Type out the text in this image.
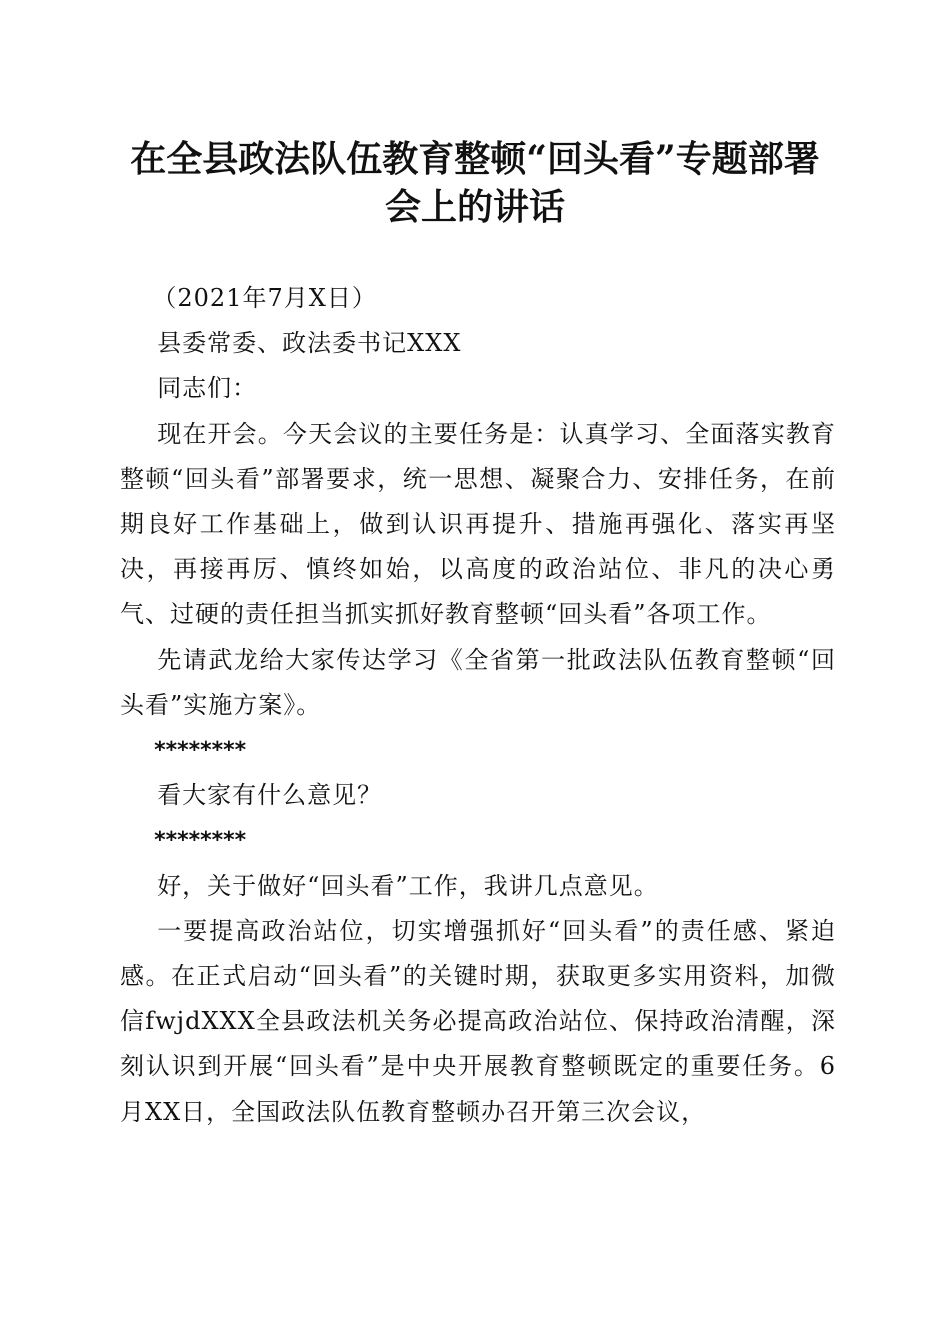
在全县政法队伍教育整顿“回头看”专题部署
会上的讲话

（2021年7月X日）

县委常委、政法委书记XXX

同志们：

现在开会。今天会议的主要任务是：认真学习、全面落实教育整顿“回头看”部署要求，统一思想、凝聚合力、安排任务，在前期良好工作基础上，做到认识再提升、措施再强化、落实再坚决，再接再厉、慎终如始，以高度的政治站位、非凡的决心勇气、过硬的责任担当抓实抓好教育整顿“回头看”各项工作。

先请武龙给大家传达学习《全省第一批政法队伍教育整顿“回头看”实施方案》。

********

看大家有什么意见？

********

好，关于做好“回头看”工作，我讲几点意见。

一要提高政治站位，切实增强抓好“回头看”的责任感、紧迫感。在正式启动“回头看”的关键时期，获取更多实用资料，加微信fwjdXXX全县政法机关务必提高政治站位、保持政治清醒，深刻认识到开展“回头看”是中央开展教育整顿既定的重要任务。6月XX日，全国政法队伍教育整顿办召开第三次会议，
